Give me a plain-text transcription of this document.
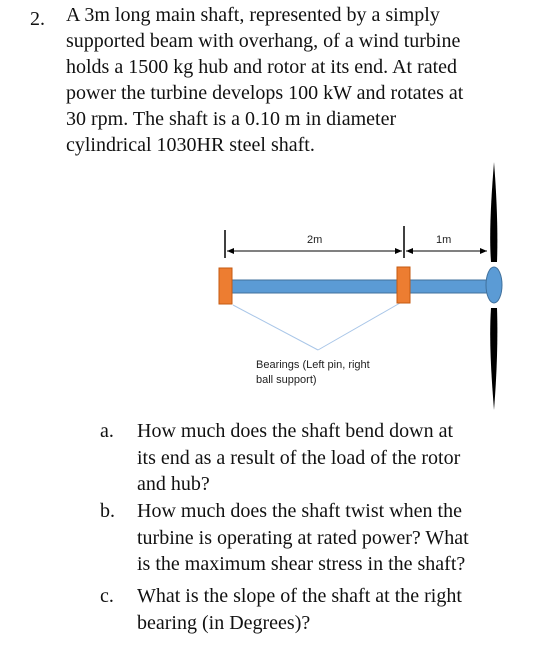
2. A 3m long main shaft, represented by a simply
supported beam with overhang, of a wind turbine
holds a 1500 kg hub and rotor at its end. At rated
power the turbine develops 100 kW and rotates at
30 rpm. The shaft is a 0.10 m in diameter
cylindrical 1030HR steel shaft.
2m	1m
Bearings (Left pin, right
ball support)
a.	How much does the shaft bend down at
its end as a result of the load of the rotor
and hub?
b.	How much does the shaft twist when the
turbine is operating at rated power? What
is the maximum shear stress in the shaft?
c.	What is the slope of the shaft at the right
bearing (in Degrees)?
